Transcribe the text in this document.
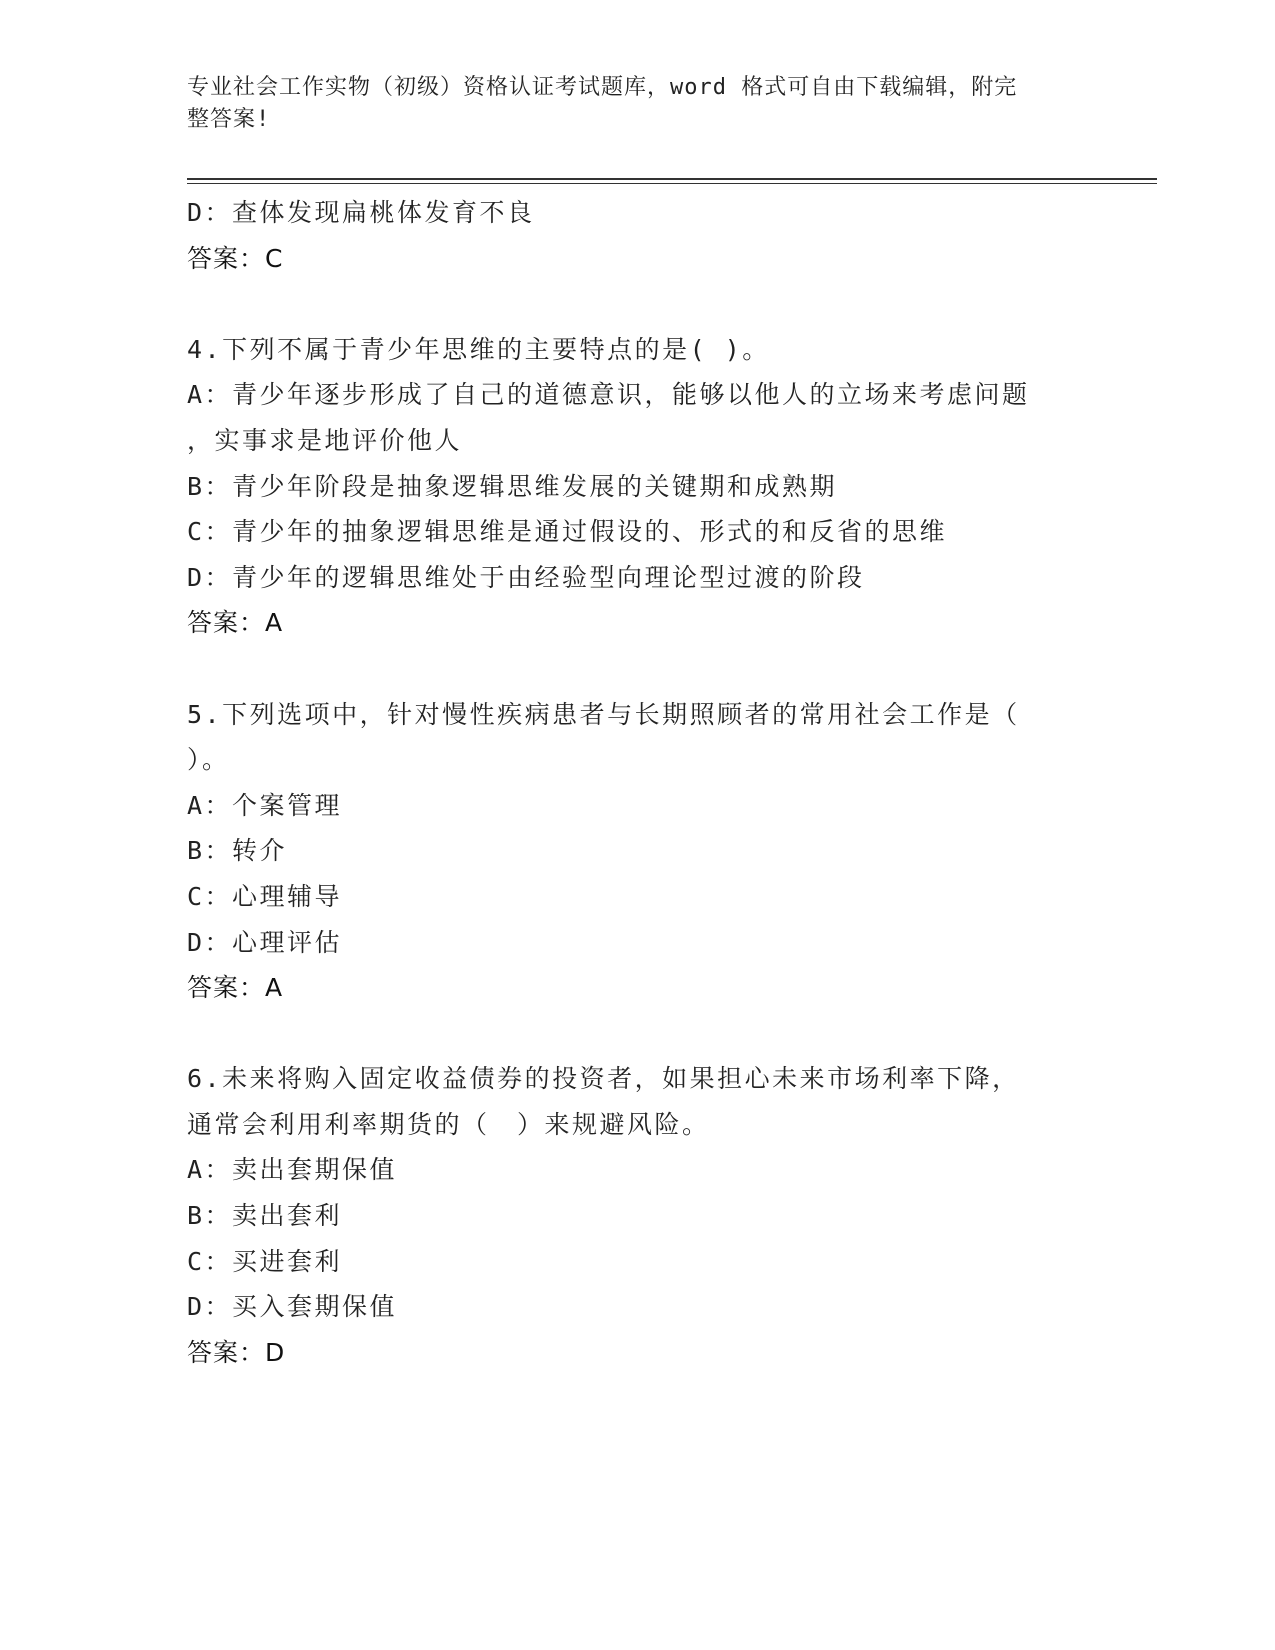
专业社会工作实物（初级）资格认证考试题库，word 格式可自由下载编辑，附完
整答案!
D：查体发现扁桃体发育不良
答案：C
4.下列不属于青少年思维的主要特点的是( )。
A：青少年逐步形成了自己的道德意识，能够以他人的立场来考虑问题
，实事求是地评价他人
B：青少年阶段是抽象逻辑思维发展的关键期和成熟期
C：青少年的抽象逻辑思维是通过假设的、形式的和反省的思维
D：青少年的逻辑思维处于由经验型向理论型过渡的阶段
答案：A
5.下列选项中，针对慢性疾病患者与长期照顾者的常用社会工作是（
）。
A：个案管理
B：转介
C：心理辅导
D：心理评估
答案：A
6.未来将购入固定收益债券的投资者，如果担心未来市场利率下降，
通常会利用利率期货的（　）来规避风险。
A：卖出套期保值
B：卖出套利
C：买进套利
D：买入套期保值
答案：D
